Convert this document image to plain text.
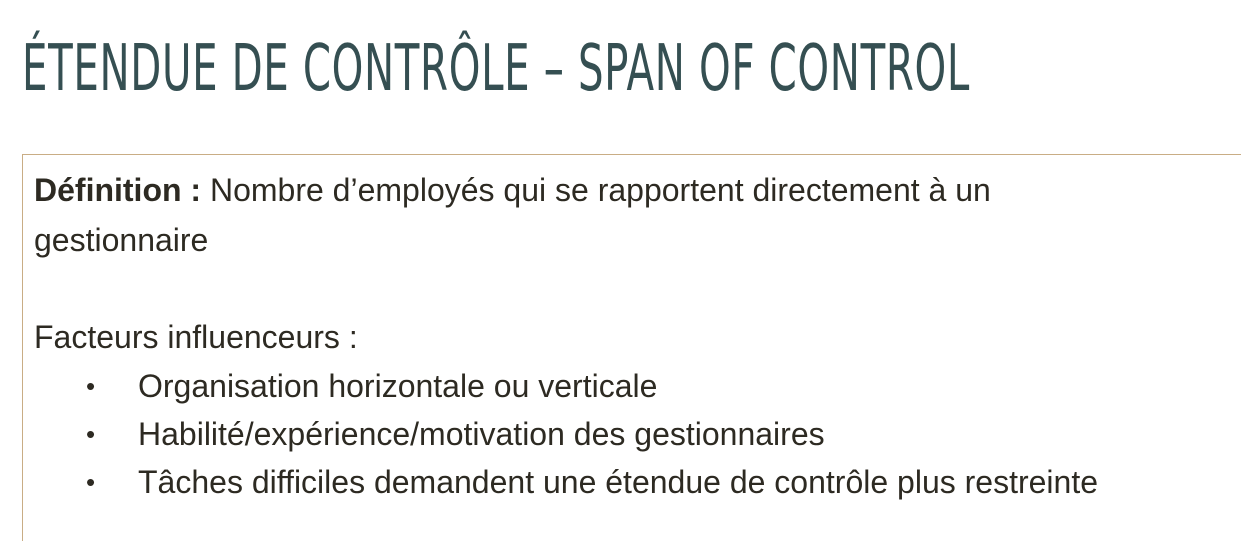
ÉTENDUE DE CONTRÔLE – SPAN OF CONTROL
Définition : Nombre d’employés qui se rapportent directement à un
gestionnaire
Facteurs influenceurs :
• Organisation horizontale ou verticale
• Habilité/expérience/motivation des gestionnaires
• Tâches difficiles demandent une étendue de contrôle plus restreinte
